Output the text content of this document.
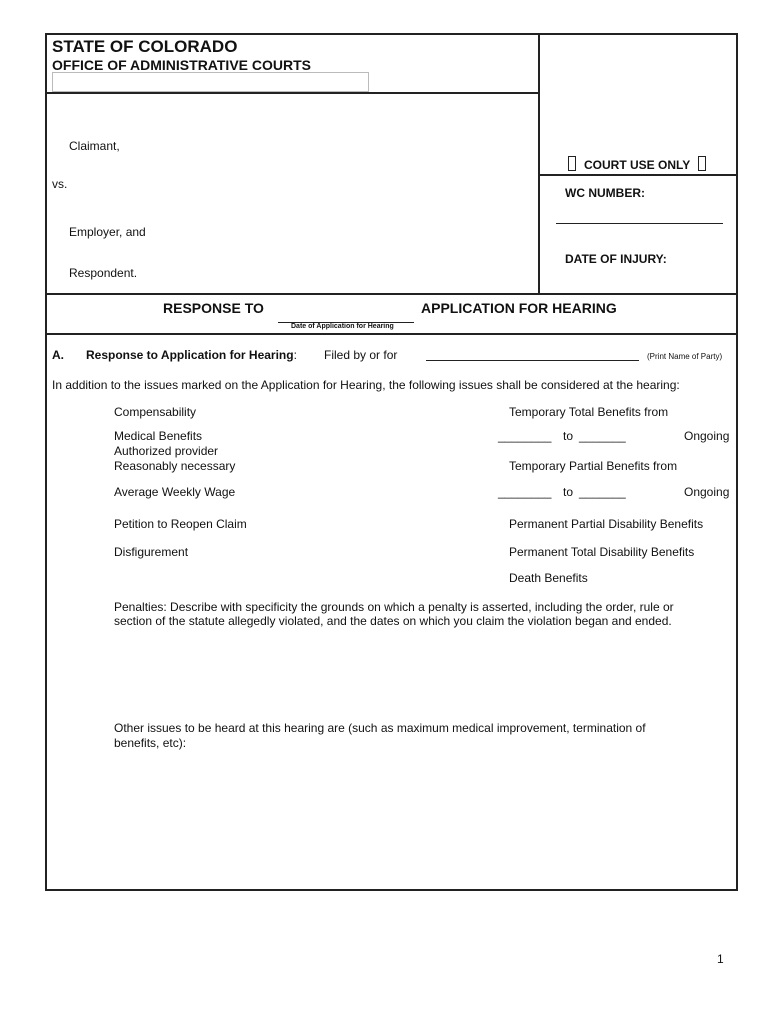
STATE OF COLORADO
OFFICE OF ADMINISTRATIVE COURTS
Claimant,
vs.
Employer, and
Respondent.
COURT USE ONLY
WC NUMBER:
DATE OF INJURY:
RESPONSE TO
Date of Application for Hearing
APPLICATION FOR HEARING
A. Response to Application for Hearing: Filed by or for	(Print Name of Party)
In addition to the issues marked on the Application for Hearing, the following issues shall be considered at the hearing:
Compensability
Medical Benefits
Authorized provider
Reasonably necessary
Average Weekly Wage
Petition to Reopen Claim
Disfigurement
Temporary Total Benefits from
________ to _______	Ongoing
Temporary Partial Benefits from
________ to _______	Ongoing
Permanent Partial Disability Benefits
Permanent Total Disability Benefits
Death Benefits
Penalties: Describe with specificity the grounds on which a penalty is asserted, including the order, rule or
section of the statute allegedly violated, and the dates on which you claim the violation began and ended.
Other issues to be heard at this hearing are (such as maximum medical improvement, termination of
benefits, etc):
1
